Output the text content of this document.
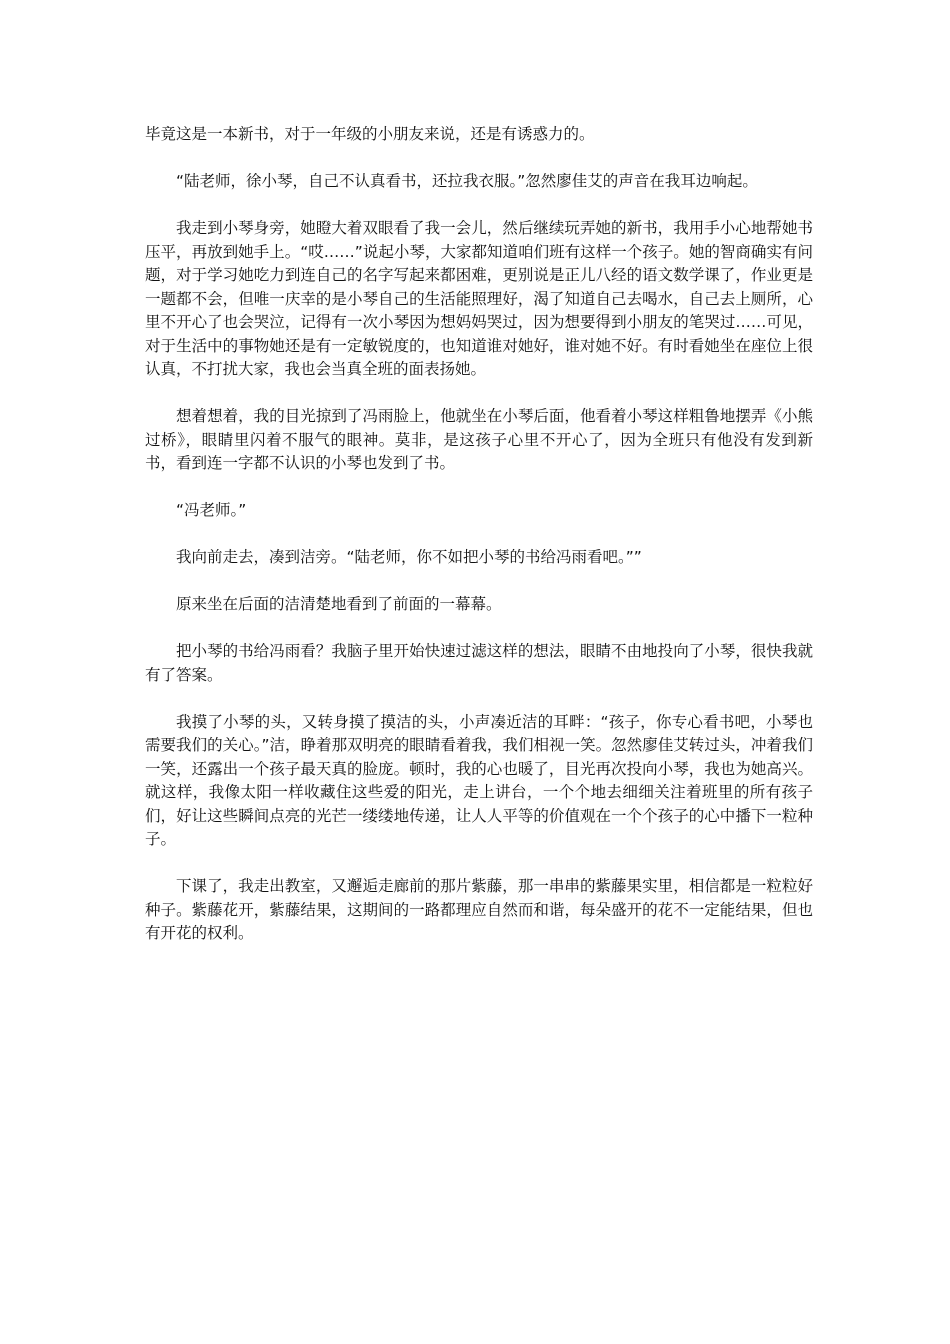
毕竟这是一本新书，对于一年级的小朋友来说，还是有诱惑力的。

“陆老师，徐小琴，自己不认真看书，还拉我衣服。”忽然廖佳艾的声音在我耳边响起。

我走到小琴身旁，她瞪大着双眼看了我一会儿，然后继续玩弄她的新书，我用手小心地帮她书压平，再放到她手上。“哎……”说起小琴，大家都知道咱们班有这样一个孩子。她的智商确实有问题，对于学习她吃力到连自己的名字写起来都困难，更别说是正儿八经的语文数学课了，作业更是一题都不会，但唯一庆幸的是小琴自己的生活能照理好，渴了知道自己去喝水，自己去上厕所，心里不开心了也会哭泣，记得有一次小琴因为想妈妈哭过，因为想要得到小朋友的笔哭过……可见，对于生活中的事物她还是有一定敏锐度的，也知道谁对她好，谁对她不好。有时看她坐在座位上很认真，不打扰大家，我也会当真全班的面表扬她。

想着想着，我的目光掠到了冯雨脸上，他就坐在小琴后面，他看着小琴这样粗鲁地摆弄《小熊过桥》，眼睛里闪着不服气的眼神。莫非，是这孩子心里不开心了，因为全班只有他没有发到新书，看到连一字都不认识的小琴也发到了书。

“冯老师。”

我向前走去，凑到洁旁。“陆老师，你不如把小琴的书给冯雨看吧。””

原来坐在后面的洁清楚地看到了前面的一幕幕。

把小琴的书给冯雨看？我脑子里开始快速过滤这样的想法，眼睛不由地投向了小琴，很快我就有了答案。

我摸了小琴的头，又转身摸了摸洁的头，小声凑近洁的耳畔：“孩子，你专心看书吧，小琴也需要我们的关心。”洁，睁着那双明亮的眼睛看着我，我们相视一笑。忽然廖佳艾转过头，冲着我们一笑，还露出一个孩子最天真的脸庞。顿时，我的心也暖了，目光再次投向小琴，我也为她高兴。就这样，我像太阳一样收藏住这些爱的阳光，走上讲台，一个个地去细细关注着班里的所有孩子们，好让这些瞬间点亮的光芒一缕缕地传递，让人人平等的价值观在一个个孩子的心中播下一粒种子。

下课了，我走出教室，又邂逅走廊前的那片紫藤，那一串串的紫藤果实里，相信都是一粒粒好种子。紫藤花开，紫藤结果，这期间的一路都理应自然而和谐，每朵盛开的花不一定能结果，但也有开花的权利。
